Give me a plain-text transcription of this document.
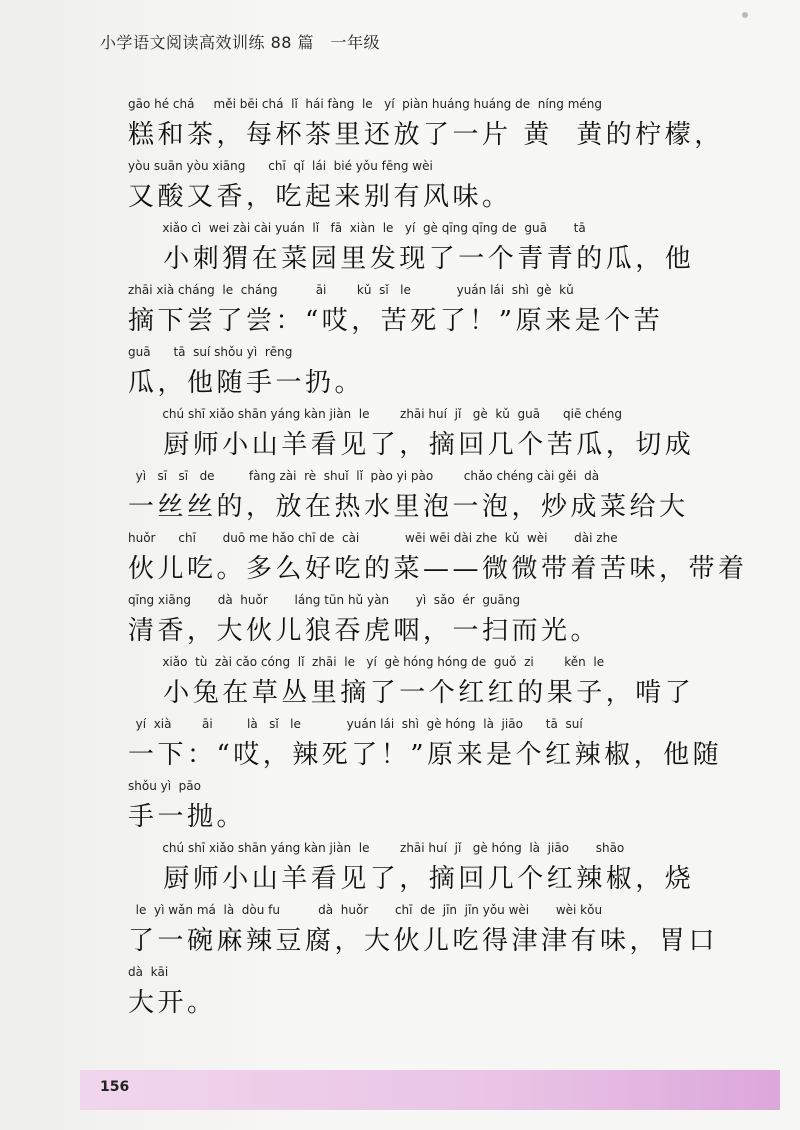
小学语文阅读高效训练 88 篇　一年级
gāo hé chá     měi bēi chá  lǐ  hái fàng  le   yí  piàn huáng huáng de  níng méng
糕和茶，每杯茶里还放了一片 黄  黄的柠檬，
yòu suān yòu xiāng      chī  qǐ  lái  bié yǒu fēng wèi
又酸又香，吃起来别有风味。
xiǎo cì  wei zài cài yuán  lǐ   fā  xiàn  le   yí  gè qīng qīng de  guā       tā
小刺猬在菜园里发现了一个青青的瓜，他
zhāi xià cháng  le  cháng          āi        kǔ  sǐ   le            yuán lái  shì  gè  kǔ
摘下尝了尝：“哎，苦死了！”原来是个苦
guā      tā  suí shǒu yì  rēng
瓜，他随手一扔。
chú shī xiǎo shān yáng kàn jiàn  le        zhāi huí  jǐ   gè  kǔ  guā      qiē chéng
厨师小山羊看见了，摘回几个苦瓜，切成
yì   sī   sī   de         fàng zài  rè  shuǐ  lǐ  pào yi pào        chǎo chéng cài gěi  dà
一丝丝的，放在热水里泡一泡，炒成菜给大
huǒr      chī       duō me hǎo chī de  cài            wēi wēi dài zhe  kǔ  wèi       dài zhe
伙儿吃。多么好吃的菜——微微带着苦味，带着
qīng xiāng       dà  huǒr       láng tūn hǔ yàn       yì  sǎo  ér  guāng
清香，大伙儿狼吞虎咽，一扫而光。
xiǎo  tù  zài cǎo cóng  lǐ  zhāi  le   yí  gè hóng hóng de  guǒ  zi        kěn  le
小兔在草丛里摘了一个红红的果子，啃了
yí  xià        āi         là   sǐ   le            yuán lái  shì  gè hóng  là  jiāo      tā  suí
一下：“哎，辣死了！”原来是个红辣椒，他随
shǒu yì  pāo
手一抛。
chú shī xiǎo shān yáng kàn jiàn  le        zhāi huí  jǐ   gè hóng  là  jiāo       shāo
厨师小山羊看见了，摘回几个红辣椒，烧
le  yì wǎn má  là  dòu fu          dà  huǒr       chī  de  jīn  jīn yǒu wèi       wèi kǒu
了一碗麻辣豆腐，大伙儿吃得津津有味，胃口
dà  kāi
大开。
156
